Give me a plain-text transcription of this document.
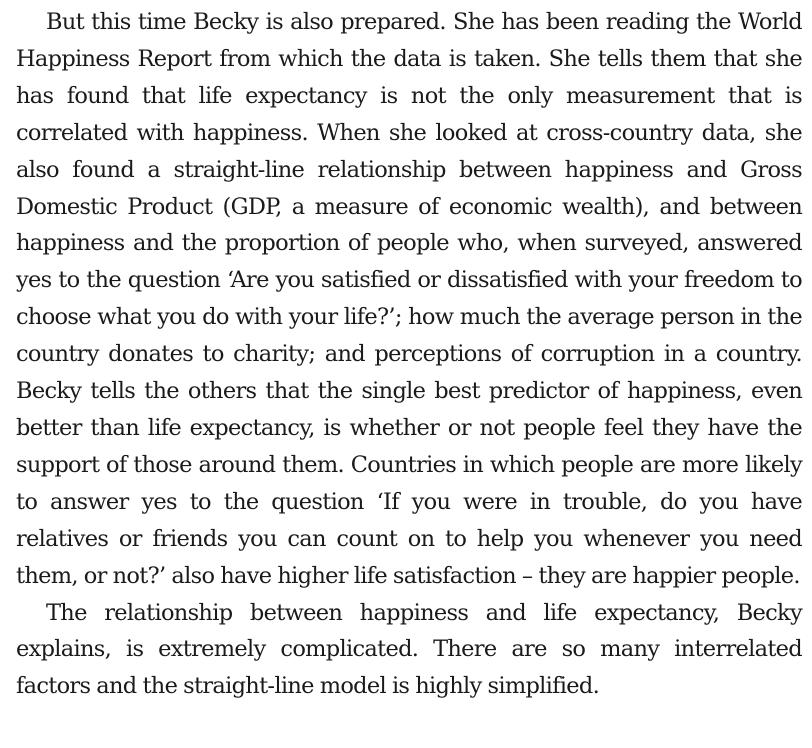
But this time Becky is also prepared. She has been reading the World Happiness Report from which the data is taken. She tells them that she has found that life expectancy is not the only measurement that is correlated with happiness. When she looked at cross-country data, she also found a straight-line relationship between happiness and Gross Domestic Product (GDP, a measure of economic wealth), and between happiness and the proportion of people who, when surveyed, answered yes to the question ‘Are you satisfied or dissatisfied with your freedom to choose what you do with your life?’; how much the average person in the country donates to charity; and perceptions of corruption in a country. Becky tells the others that the single best predictor of happiness, even better than life expectancy, is whether or not people feel they have the support of those around them. Countries in which people are more likely to answer yes to the question ‘If you were in trouble, do you have relatives or friends you can count on to help you whenever you need them, or not?’ also have higher life satisfaction – they are happier people.

The relationship between happiness and life expectancy, Becky explains, is extremely complicated. There are so many interrelated factors and the straight-line model is highly simplified.
